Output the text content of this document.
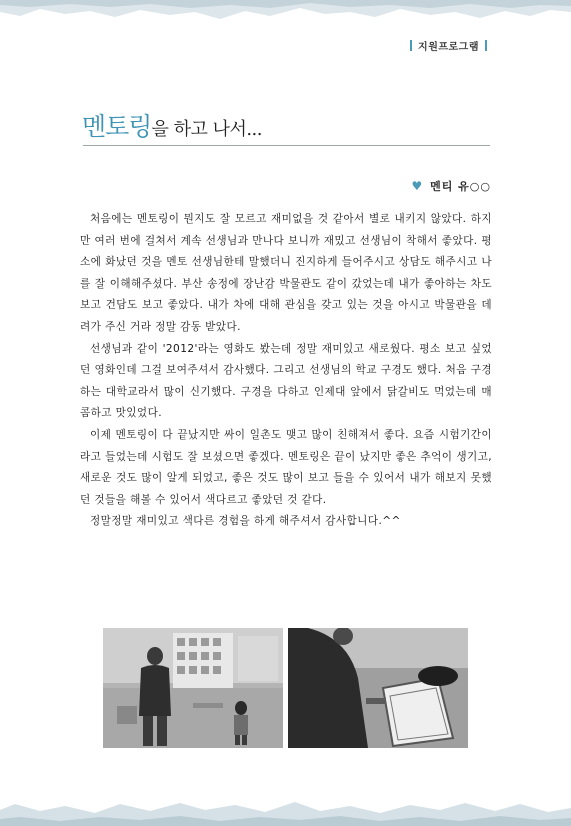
지원프로그램
멘토링을 하고 나서...
♥ 멘티 유○○

처음에는 멘토링이 뭔지도 잘 모르고 재미없을 것 같아서 별로 내키지 않았다. 하지만 여러 번에 걸쳐서 계속 선생님과 만나다 보니까 재밌고 선생님이 착해서 좋았다. 평소에 화났던 것을 멘토 선생님한테 말했더니 진지하게 들어주시고 상담도 해주시고 나를 잘 이해해주셨다. 부산 송정에 장난감 박물관도 같이 갔었는데 내가 좋아하는 차도보고 건담도 보고 좋았다. 내가 차에 대해 관심을 갖고 있는 것을 아시고 박물관을 데려가 주신 거라 정말 감동 받았다.

선생님과 같이 '2012'라는 영화도 봤는데 정말 재미있고 새로웠다. 평소 보고 싶었던 영화인데 그걸 보여주셔서 감사했다. 그리고 선생님의 학교 구경도 했다. 처음 구경하는 대학교라서 많이 신기했다. 구경을 다하고 인제대 앞에서 닭갈비도 먹었는데 매콤하고 맛있었다.

이제 멘토링이 다 끝났지만 싸이 일촌도 맺고 많이 친해져서 좋다. 요즘 시험기간이라고 들었는데 시험도 잘 보셨으면 좋겠다. 멘토링은 끝이 났지만 좋은 추억이 생기고, 새로운 것도 많이 알게 되었고, 좋은 것도 많이 보고 들을 수 있어서 내가 해보지 못했던 것들을 해볼 수 있어서 색다르고 좋았던 것 같다.

정말정말 재미있고 색다른 경험을 하게 해주셔서 감사합니다.^^
